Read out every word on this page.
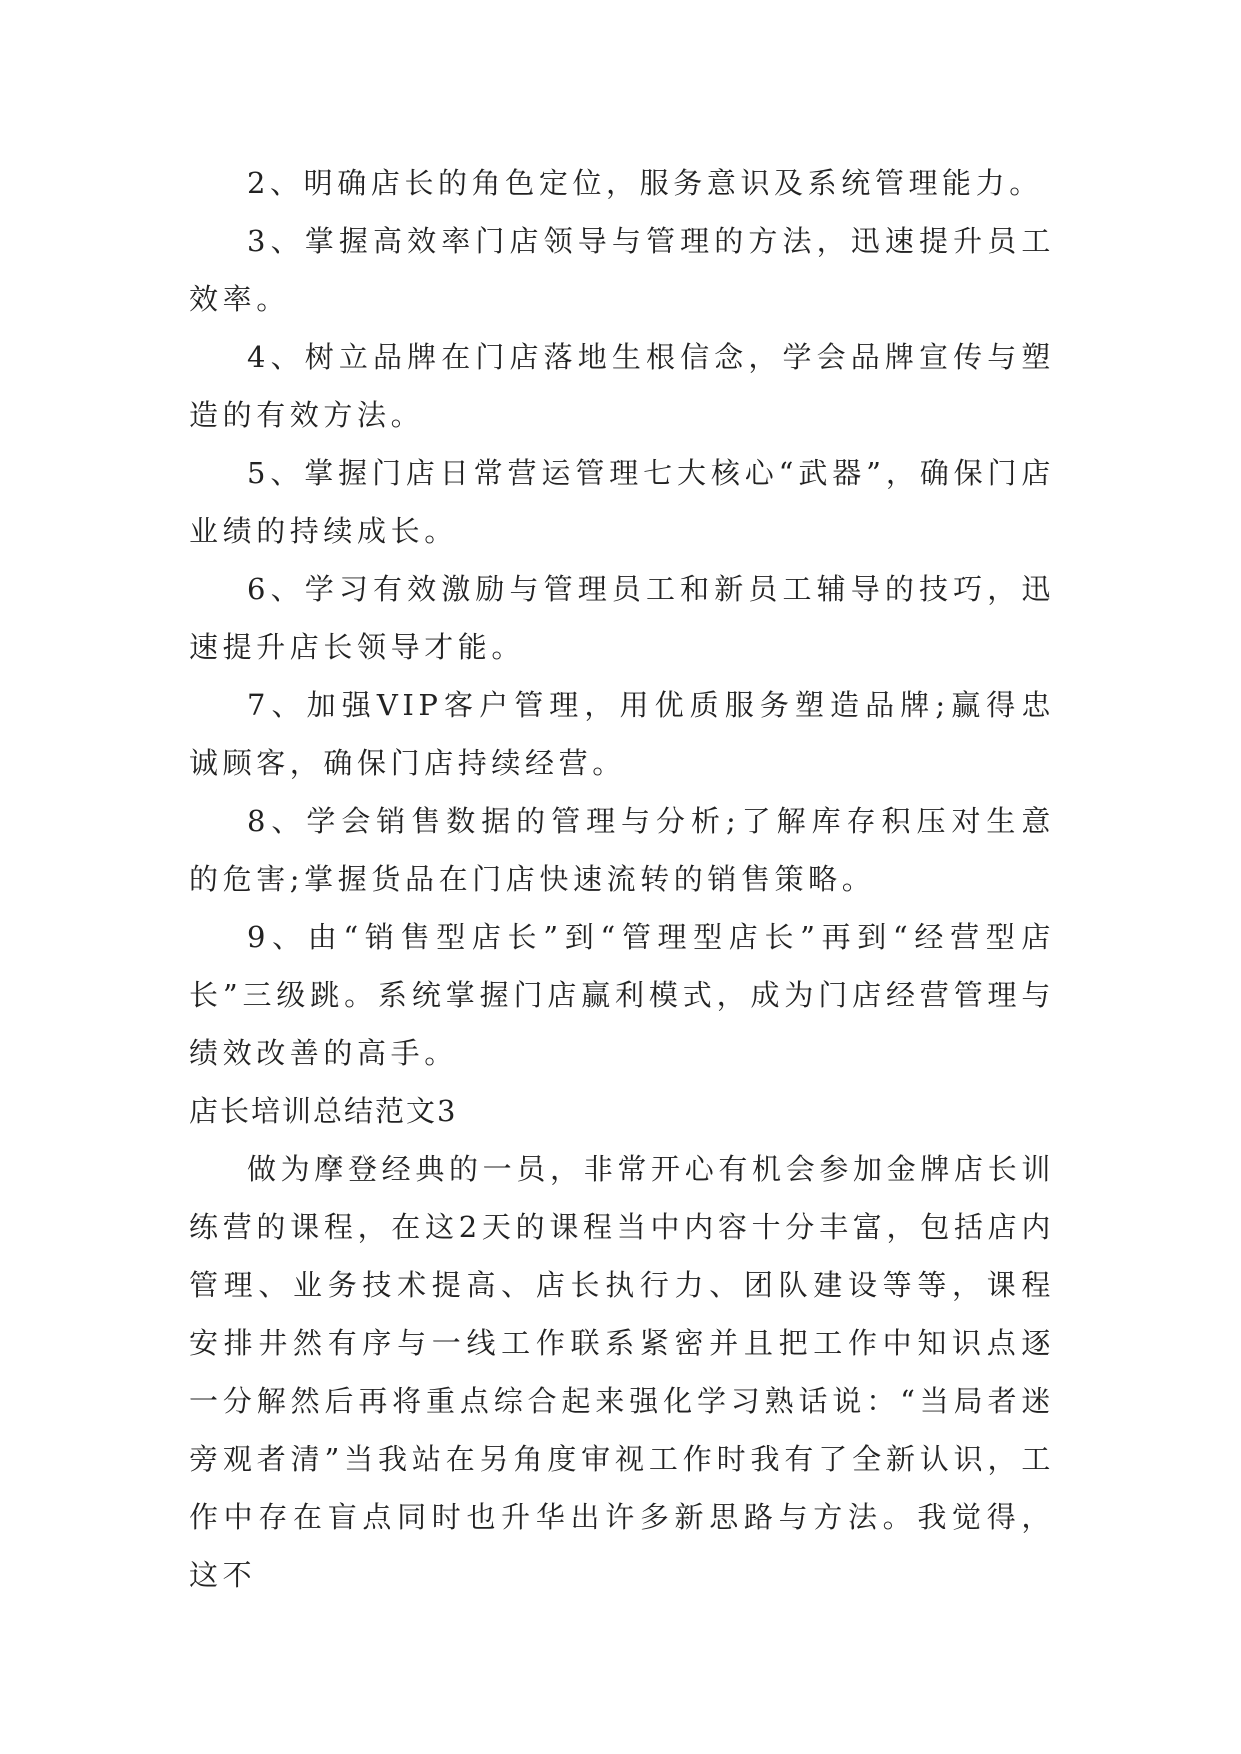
2、明确店长的角色定位，服务意识及系统管理能力。

3、掌握高效率门店领导与管理的方法，迅速提升员工效率。

4、树立品牌在门店落地生根信念，学会品牌宣传与塑造的有效方法。

5、掌握门店日常营运管理七大核心“武器”，确保门店业绩的持续成长。

6、学习有效激励与管理员工和新员工辅导的技巧，迅速提升店长领导才能。

7、加强VIP客户管理，用优质服务塑造品牌;赢得忠诚顾客，确保门店持续经营。

8、学会销售数据的管理与分析;了解库存积压对生意的危害;掌握货品在门店快速流转的销售策略。

9、由“销售型店长”到“管理型店长”再到“经营型店长”三级跳。系统掌握门店赢利模式，成为门店经营管理与绩效改善的高手。

店长培训总结范文3

做为摩登经典的一员，非常开心有机会参加金牌店长训练营的课程，在这2天的课程当中内容十分丰富，包括店内管理、业务技术提高、店长执行力、团队建设等等，课程安排井然有序与一线工作联系紧密并且把工作中知识点逐一分解然后再将重点综合起来强化学习熟话说：“当局者迷旁观者清”当我站在另角度审视工作时我有了全新认识，工作中存在盲点同时也升华出许多新思路与方法。我觉得，这不
